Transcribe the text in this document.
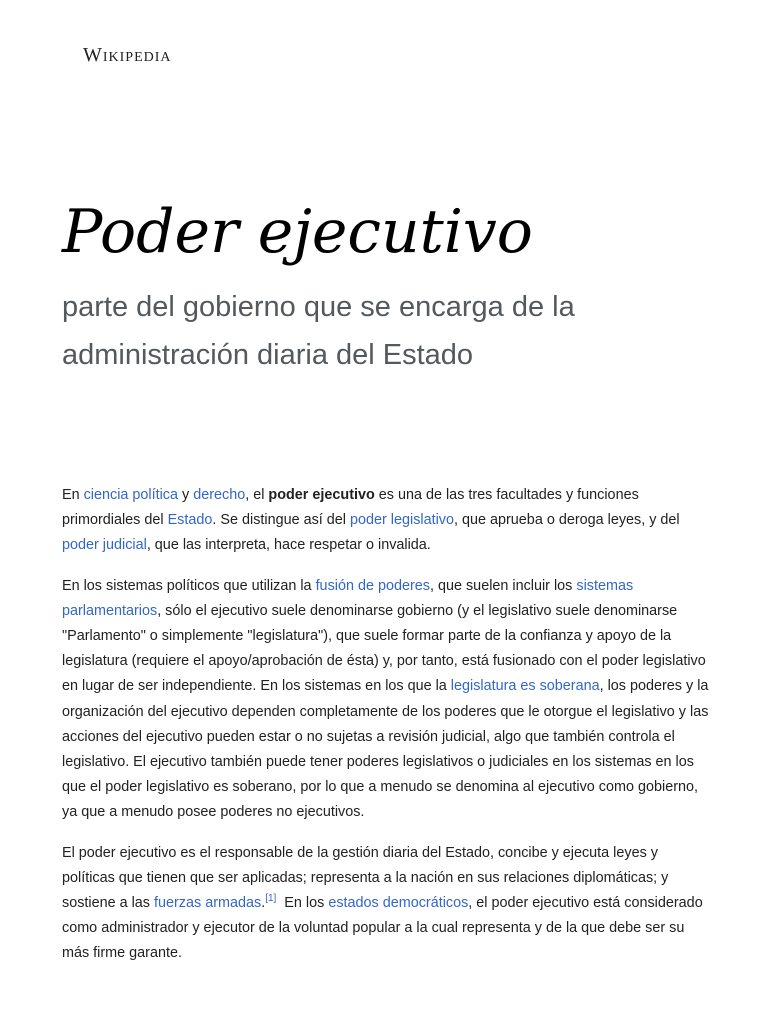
Wikipedia
Poder ejecutivo
parte del gobierno que se encarga de la administración diaria del Estado

En ciencia política y derecho, el poder ejecutivo es una de las tres facultades y funciones primordiales del Estado. Se distingue así del poder legislativo, que aprueba o deroga leyes, y del poder judicial, que las interpreta, hace respetar o invalida.

En los sistemas políticos que utilizan la fusión de poderes, que suelen incluir los sistemas parlamentarios, sólo el ejecutivo suele denominarse gobierno (y el legislativo suele denominarse "Parlamento" o simplemente "legislatura"), que suele formar parte de la confianza y apoyo de la legislatura (requiere el apoyo/aprobación de ésta) y, por tanto, está fusionado con el poder legislativo en lugar de ser independiente. En los sistemas en los que la legislatura es soberana, los poderes y la organización del ejecutivo dependen completamente de los poderes que le otorgue el legislativo y las acciones del ejecutivo pueden estar o no sujetas a revisión judicial, algo que también controla el legislativo. El ejecutivo también puede tener poderes legislativos o judiciales en los sistemas en los que el poder legislativo es soberano, por lo que a menudo se denomina al ejecutivo como gobierno, ya que a menudo posee poderes no ejecutivos.

El poder ejecutivo es el responsable de la gestión diaria del Estado, concibe y ejecuta leyes y políticas que tienen que ser aplicadas; representa a la nación en sus relaciones diplomáticas; y sostiene a las fuerzas armadas.[1]  En los estados democráticos, el poder ejecutivo está considerado como administrador y ejecutor de la voluntad popular a la cual representa y de la que debe ser su más firme garante.
